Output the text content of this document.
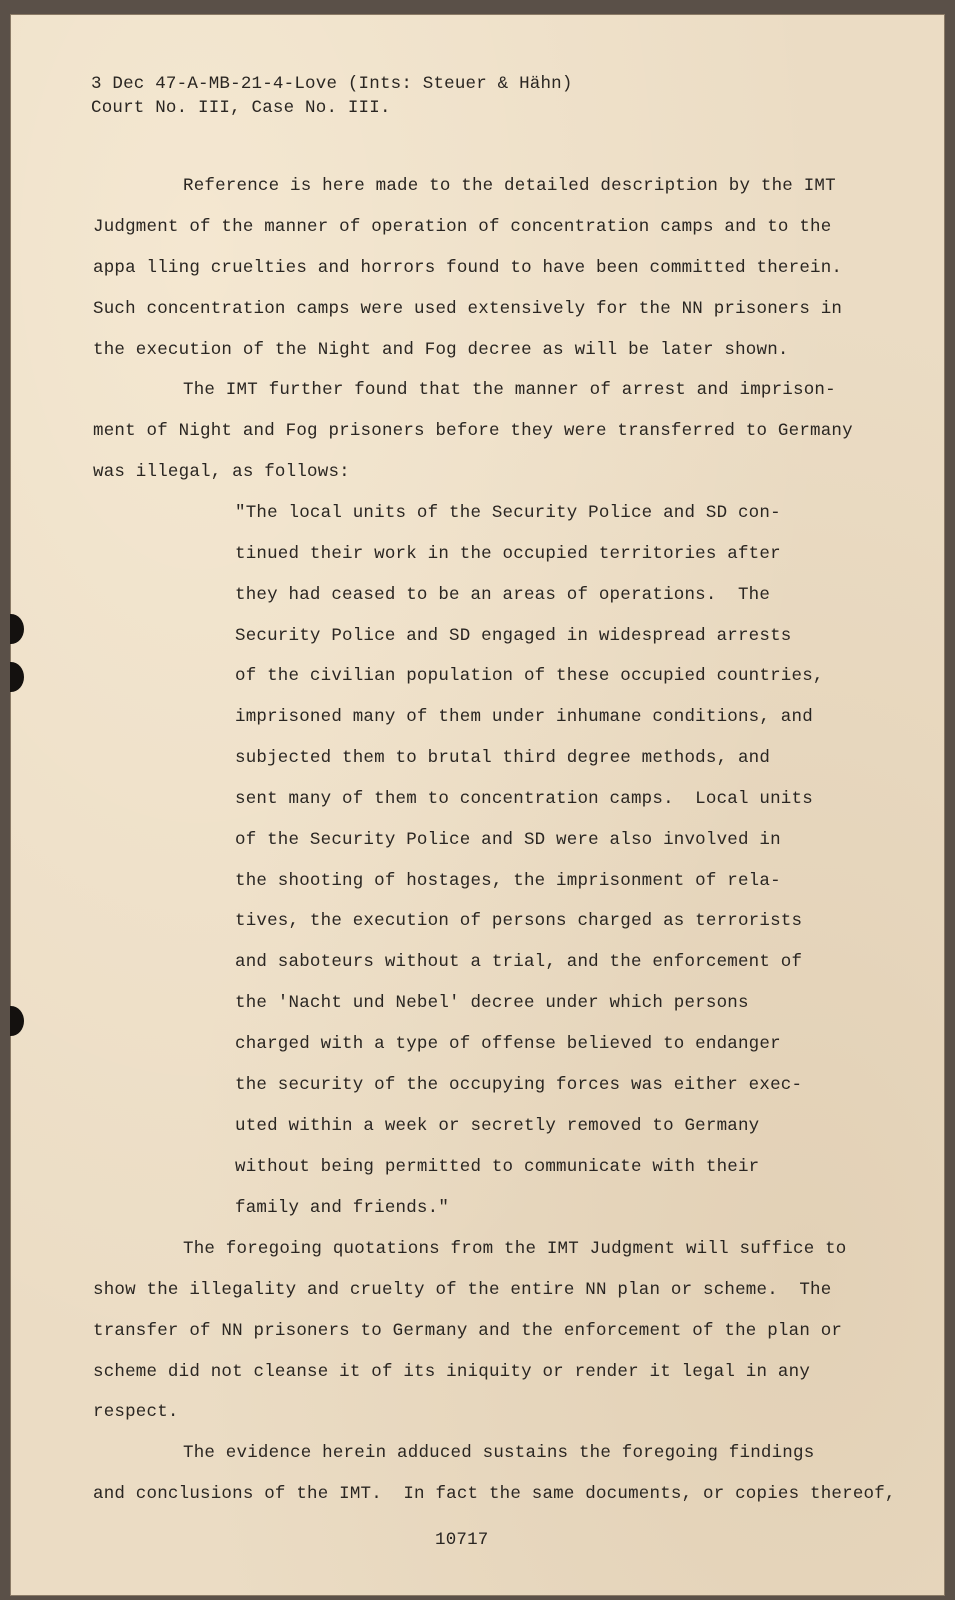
3 Dec 47-A-MB-21-4-Love (Ints: Steuer & Hähn)
Court No. III, Case No. III.
Reference is here made to the detailed description by the IMT
Judgment of the manner of operation of concentration camps and to the
appa lling cruelties and horrors found to have been committed therein.
Such concentration camps were used extensively for the NN prisoners in
the execution of the Night and Fog decree as will be later shown.
The IMT further found that the manner of arrest and imprison-
ment of Night and Fog prisoners before they were transferred to Germany
was illegal, as follows:
"The local units of the Security Police and SD con-
tinued their work in the occupied territories after
they had ceased to be an areas of operations.  The
Security Police and SD engaged in widespread arrests
of the civilian population of these occupied countries,
imprisoned many of them under inhumane conditions, and
subjected them to brutal third degree methods, and
sent many of them to concentration camps.  Local units
of the Security Police and SD were also involved in
the shooting of hostages, the imprisonment of rela-
tives, the execution of persons charged as terrorists
and saboteurs without a trial, and the enforcement of
the 'Nacht und Nebel' decree under which persons
charged with a type of offense believed to endanger
the security of the occupying forces was either exec-
uted within a week or secretly removed to Germany
without being permitted to communicate with their
family and friends."
The foregoing quotations from the IMT Judgment will suffice to
show the illegality and cruelty of the entire NN plan or scheme.  The
transfer of NN prisoners to Germany and the enforcement of the plan or
scheme did not cleanse it of its iniquity or render it legal in any
respect.
The evidence herein adduced sustains the foregoing findings
and conclusions of the IMT.  In fact the same documents, or copies thereof,
10717
